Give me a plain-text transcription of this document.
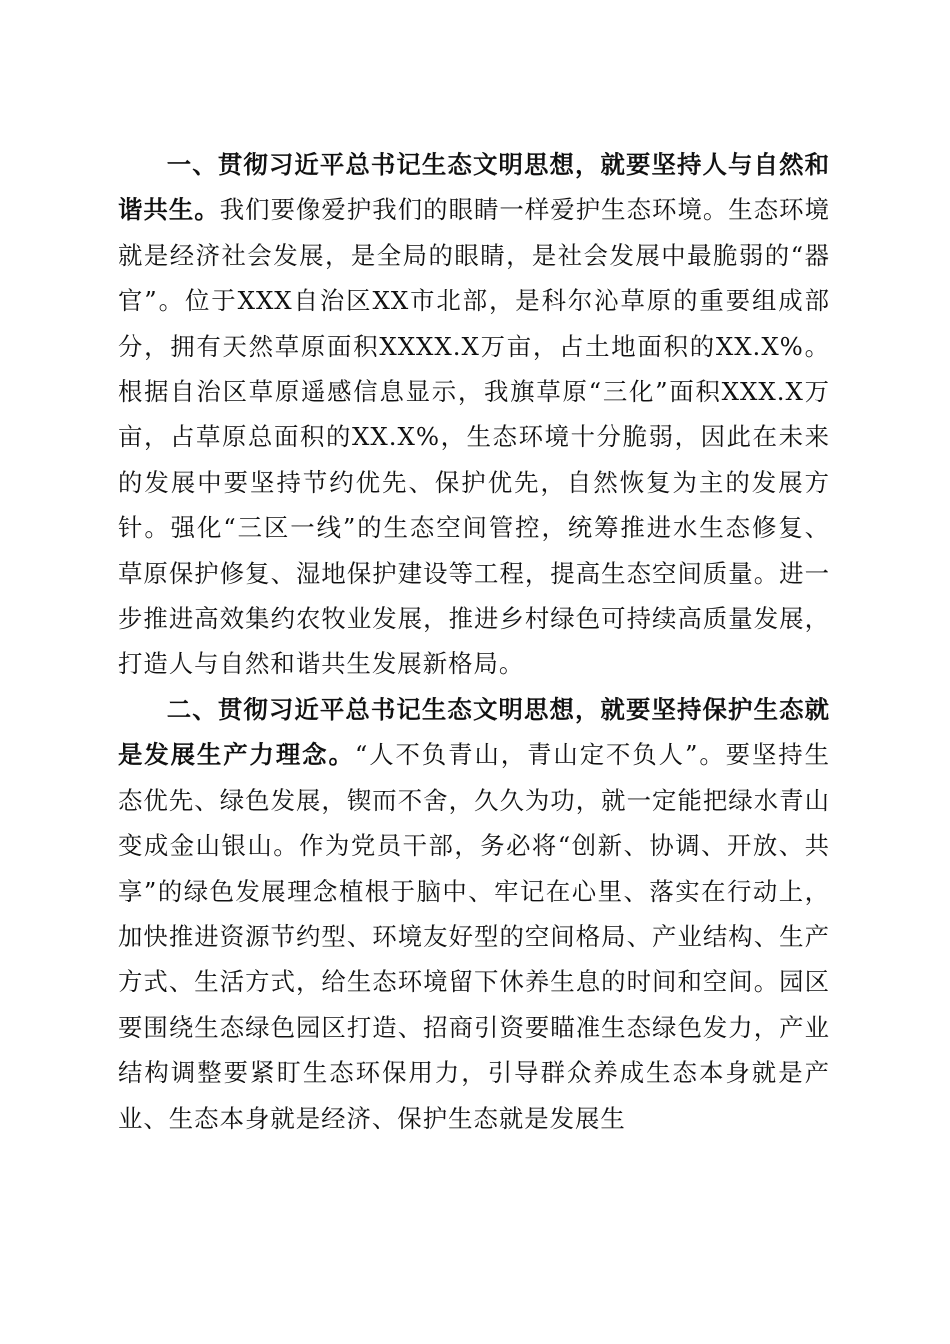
一、贯彻习近平总书记生态文明思想，就要坚持人与自然和谐共生。我们要像爱护我们的眼睛一样爱护生态环境。生态环境就是经济社会发展，是全局的眼睛，是社会发展中最脆弱的“器官”。位于XXX自治区XX市北部，是科尔沁草原的重要组成部分，拥有天然草原面积XXXX.X万亩，占土地面积的XX.X%。根据自治区草原遥感信息显示，我旗草原“三化”面积XXX.X万亩，占草原总面积的XX.X%，生态环境十分脆弱，因此在未来的发展中要坚持节约优先、保护优先，自然恢复为主的发展方针。强化“三区一线”的生态空间管控，统筹推进水生态修复、草原保护修复、湿地保护建设等工程，提高生态空间质量。进一步推进高效集约农牧业发展，推进乡村绿色可持续高质量发展，打造人与自然和谐共生发展新格局。

二、贯彻习近平总书记生态文明思想，就要坚持保护生态就是发展生产力理念。“人不负青山，青山定不负人”。要坚持生态优先、绿色发展，锲而不舍，久久为功，就一定能把绿水青山变成金山银山。作为党员干部，务必将“创新、协调、开放、共享”的绿色发展理念植根于脑中、牢记在心里、落实在行动上，加快推进资源节约型、环境友好型的空间格局、产业结构、生产方式、生活方式，给生态环境留下休养生息的时间和空间。园区要围绕生态绿色园区打造、招商引资要瞄准生态绿色发力，产业结构调整要紧盯生态环保用力，引导群众养成生态本身就是产业、生态本身就是经济、保护生态就是发展生
